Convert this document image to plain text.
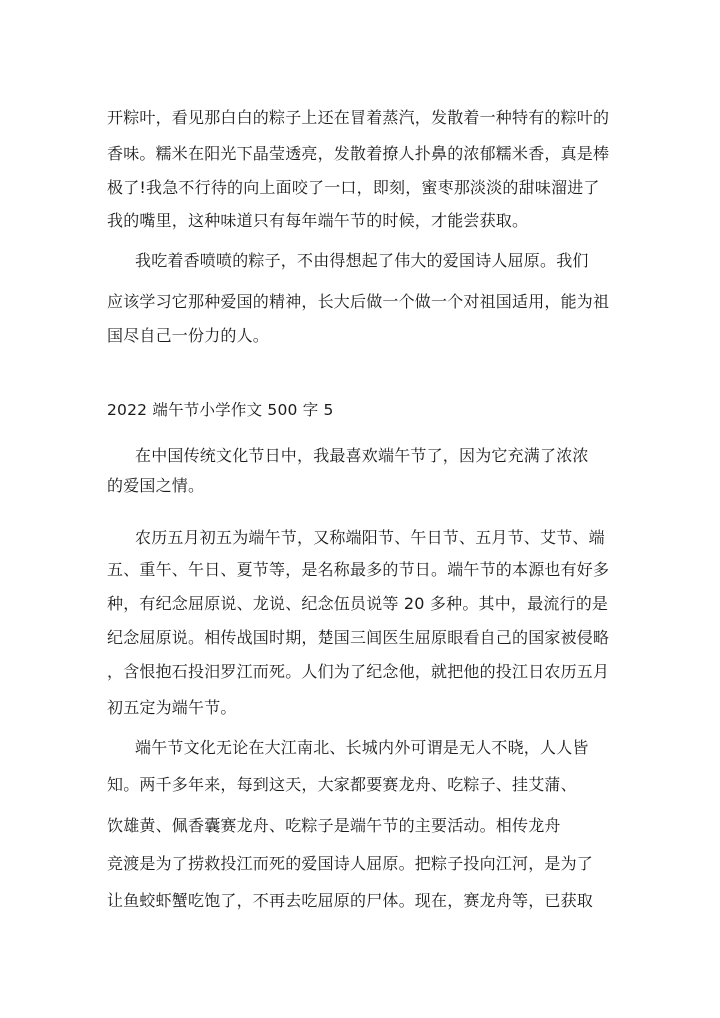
开粽叶，看见那白白的粽子上还在冒着蒸汽，发散着一种特有的粽叶的

香味。糯米在阳光下晶莹透亮，发散着撩人扑鼻的浓郁糯米香，真是棒

极了!我急不行待的向上面咬了一口，即刻，蜜枣那淡淡的甜味溜进了

我的嘴里，这种味道只有每年端午节的时候，才能尝获取。

我吃着香喷喷的粽子，不由得想起了伟大的爱国诗人屈原。我们

应该学习它那种爱国的精神，长大后做一个做一个对祖国适用，能为祖

国尽自己一份力的人。

2022 端午节小学作文 500 字 5

在中国传统文化节日中，我最喜欢端午节了，因为它充满了浓浓

的爱国之情。

农历五月初五为端午节，又称端阳节、午日节、五月节、艾节、端

五、重午、午日、夏节等，是名称最多的节日。端午节的本源也有好多

种，有纪念屈原说、龙说、纪念伍员说等 20 多种。其中，最流行的是

纪念屈原说。相传战国时期，楚国三闾医生屈原眼看自己的国家被侵略

，含恨抱石投汨罗江而死。人们为了纪念他，就把他的投江日农历五月

初五定为端午节。

端午节文化无论在大江南北、长城内外可谓是无人不晓，人人皆

知。两千多年来，每到这天，大家都要赛龙舟、吃粽子、挂艾蒲、

饮雄黄、佩香囊赛龙舟、吃粽子是端午节的主要活动。相传龙舟

竞渡是为了捞救投江而死的爱国诗人屈原。把粽子投向江河，是为了

让鱼蛟虾蟹吃饱了，不再去吃屈原的尸体。现在，赛龙舟等，已获取
